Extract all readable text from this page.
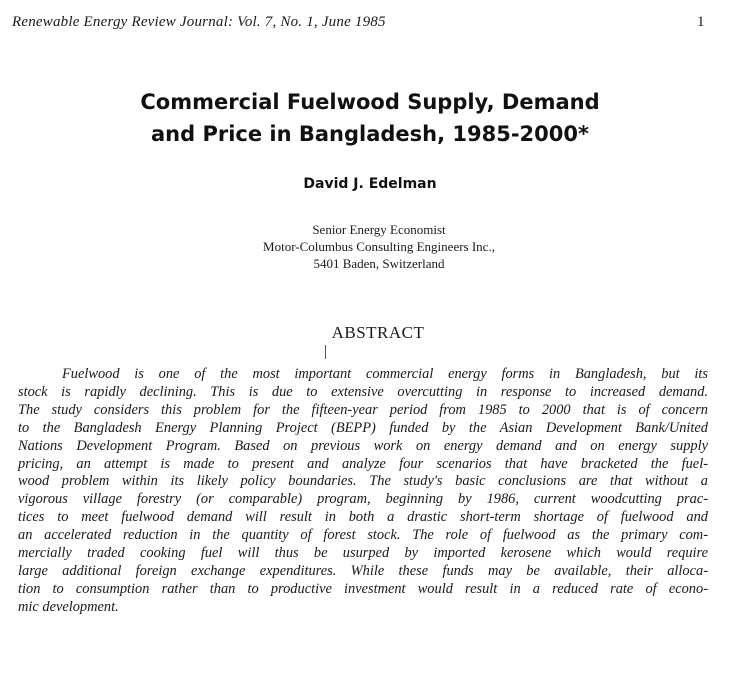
Renewable Energy Review Journal: Vol. 7, No. 1, June 1985	1
Commercial Fuelwood Supply, Demand
and Price in Bangladesh, 1985-2000*
David J. Edelman
Senior Energy Economist
Motor-Columbus Consulting Engineers Inc.,
5401 Baden, Switzerland
ABSTRACT
Fuelwood is one of the most important commercial energy forms in Bangladesh, but its
stock is rapidly declining. This is due to extensive overcutting in response to increased demand.
The study considers this problem for the fifteen-year period from 1985 to 2000 that is of concern
to the Bangladesh Energy Planning Project (BEPP) funded by the Asian Development Bank/United
Nations Development Program. Based on previous work on energy demand and on energy supply
pricing, an attempt is made to present and analyze four scenarios that have bracketed the fuel-
wood problem within its likely policy boundaries. The study's basic conclusions are that without a
vigorous village forestry (or comparable) program, beginning by 1986, current woodcutting prac-
tices to meet fuelwood demand will result in both a drastic short-term shortage of fuelwood and
an accelerated reduction in the quantity of forest stock. The role of fuelwood as the primary com-
mercially traded cooking fuel will thus be usurped by imported kerosene which would require
large additional foreign exchange expenditures. While these funds may be available, their alloca-
tion to consumption rather than to productive investment would result in a reduced rate of econo-
mic development.
